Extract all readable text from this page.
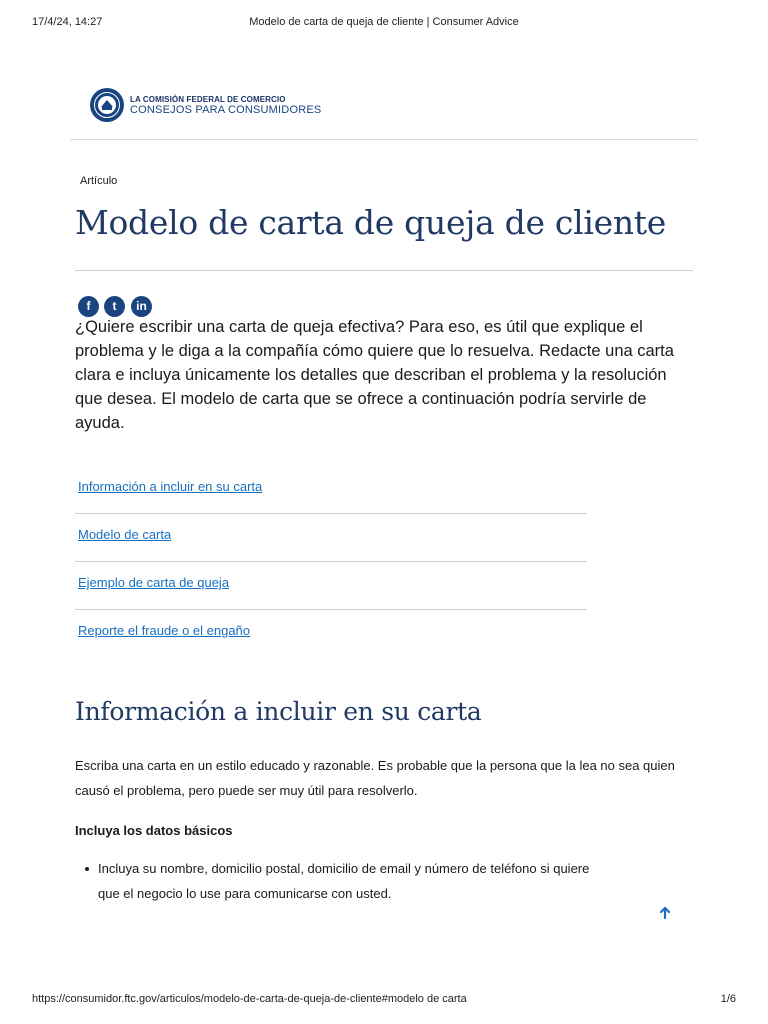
17/4/24, 14:27	Modelo de carta de queja de cliente | Consumer Advice
LA COMISIÓN FEDERAL DE COMERCIO
CONSEJOS PARA CONSUMIDORES
Artículo
Modelo de carta de queja de cliente
f	t	in

¿Quiere escribir una carta de queja efectiva? Para eso, es útil que explique el problema y le diga a la compañía cómo quiere que lo resuelva. Redacte una carta clara e incluya únicamente los detalles que describan el problema y la resolución que desea. El modelo de carta que se ofrece a continuación podría servirle de ayuda.

Información a incluir en su carta
Modelo de carta
Ejemplo de carta de queja
Reporte el fraude o el engaño
Información a incluir en su carta

Escriba una carta en un estilo educado y razonable. Es probable que la persona que la lea no sea quien causó el problema, pero puede ser muy útil para resolverlo.

Incluya los datos básicos

Incluya su nombre, domicilio postal, domicilio de email y número de teléfono si quiere que el negocio lo use para comunicarse con usted.
https://consumidor.ftc.gov/articulos/modelo-de-carta-de-queja-de-cliente#modelo de carta	1/6
